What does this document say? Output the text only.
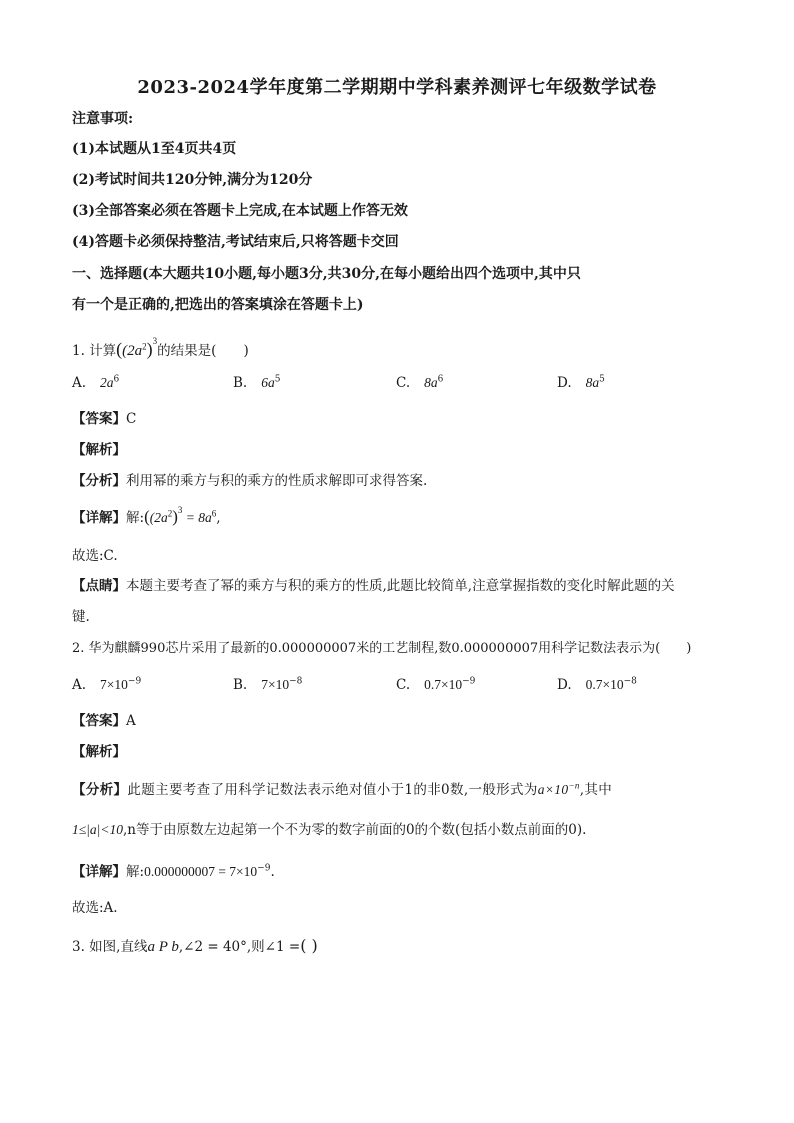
2023-2024学年度第二学期期中学科素养测评七年级数学试卷
注意事项:
(1)本试题从1至4页共4页
(2)考试时间共120分钟,满分为120分
(3)全部答案必须在答题卡上完成,在本试题上作答无效
(4)答题卡必须保持整洁,考试结束后,只将答题卡交回
一、选择题(本大题共10小题,每小题3分,共30分,在每小题给出四个选项中,其中只
有一个是正确的,把选出的答案填涂在答题卡上)
1. 计算($(2a^2)^3$的结果是(　　)
A. $2a^6$	B. $6a^5$	C. $8a^6$	D. $8a^5$
【答案】C
【解析】
【分析】利用幂的乘方与积的乘方的性质求解即可求得答案.
【详解】解$:((2a^2)^3 = 8a^6$,
故选:C.
【点睛】本题主要考查了幂的乘方与积的乘方的性质,此题比较简单,注意掌握指数的变化时解此题的关
键.
2. 华为麒麟990芯片采用了最新的0.000000007米的工艺制程,数0.000000007用科学记数法表示为(　　)
A. $7\times 10^{-9}$	B. $7\times 10^{-8}$	C. $0.7\times 10^{-9}$	D. $0.7\times 10^{-8}$
【答案】A
【解析】
【分析】此题主要考查了用科学记数法表示绝对值小于1的非0数,一般形式为$a\times 10^{-n}$,其中
1≤|a|<10,n等于由原数左边起第一个不为零的数字前面的0的个数(包括小数点前面的0).
【详解】解:0.000000007 = $7\times 10^{-9}$.
故选:A.
3. 如图,直线a P b,∠2 = 40°,则∠1 =( )
